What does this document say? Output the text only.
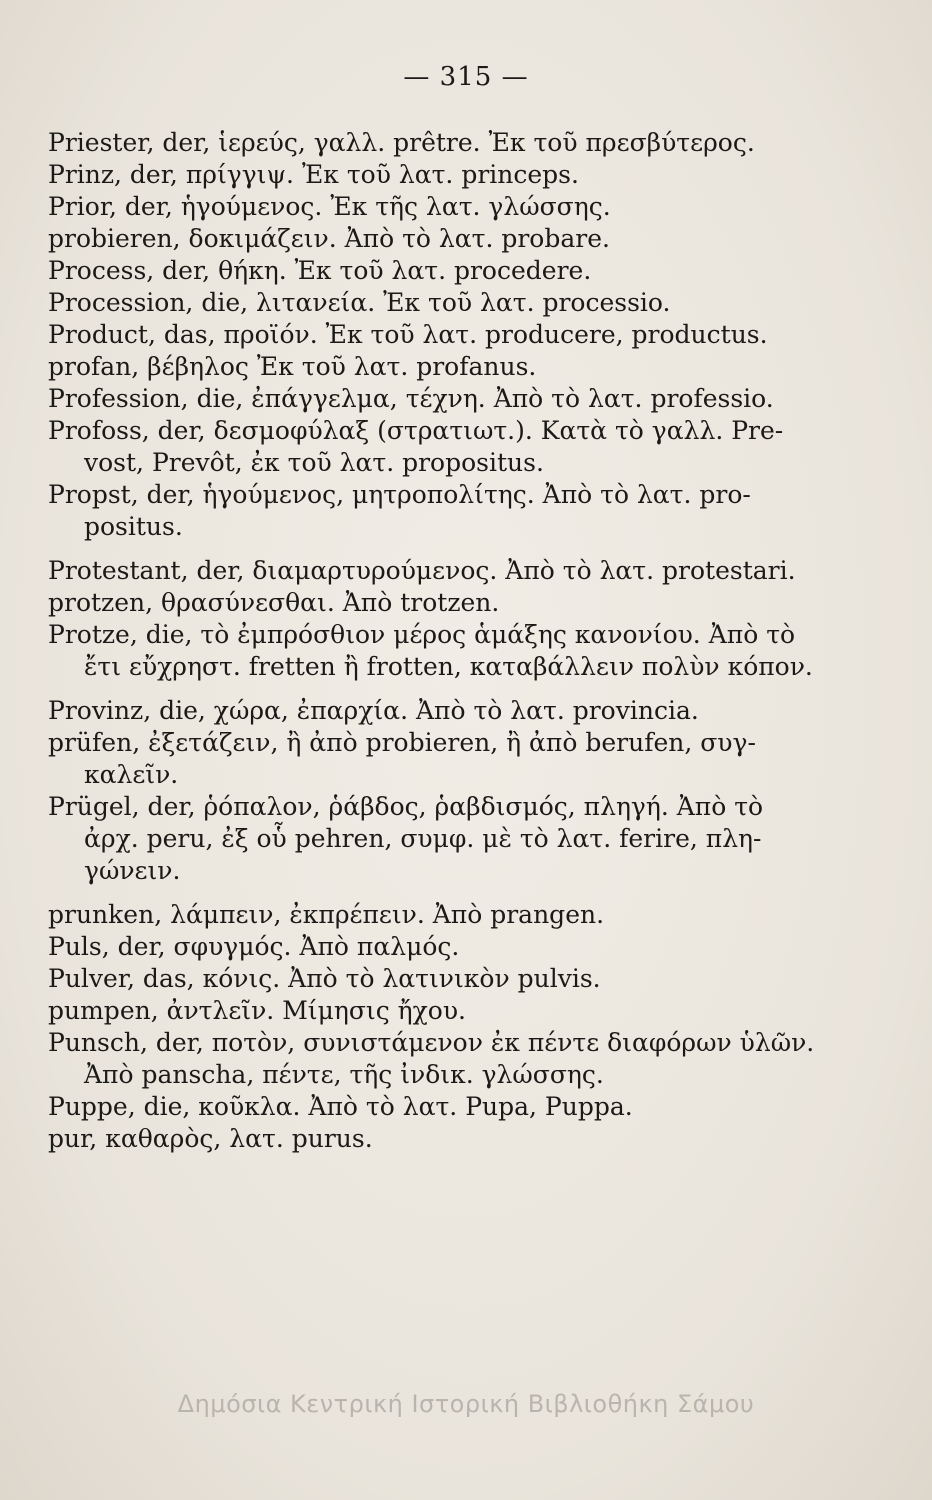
— 315 —
Priester, der, ἱερεύς, γαλλ. prêtre. Ἐκ τοῦ πρεσβύτερος.
Prinz, der, πρίγγιψ. Ἐκ τοῦ λατ. princeps.
Prior, der, ἡγούμενος. Ἐκ τῆς λατ. γλώσσης.
probieren, δοκιμάζειν. Ἀπὸ τὸ λατ. probare.
Process, der, θήκη. Ἐκ τοῦ λατ. procedere.
Procession, die, λιτανεία. Ἐκ τοῦ λατ. processio.
Product, das, προϊόν. Ἐκ τοῦ λατ. producere, productus.
profan, βέβηλος Ἐκ τοῦ λατ. profanus.
Profession, die, ἐπάγγελμα, τέχνη. Ἀπὸ τὸ λατ. professio.
Profoss, der, δεσμοφύλαξ (στρατιωτ.). Κατὰ τὸ γαλλ. Pre-
vost, Prevôt, ἐκ τοῦ λατ. propositus.
Propst, der, ἡγούμενος, μητροπολίτης. Ἀπὸ τὸ λατ. pro-
positus.
Protestant, der, διαμαρτυρούμενος. Ἀπὸ τὸ λατ. protestari.
protzen, θρασύνεσθαι. Ἀπὸ trotzen.
Protze, die, τὸ ἐμπρόσθιον μέρος ἁμάξης κανονίου. Ἀπὸ τὸ
ἔτι εὔχρηστ. fretten ἢ frotten, καταβάλλειν πολὺν κόπον.
Provinz, die, χώρα, ἐπαρχία. Ἀπὸ τὸ λατ. provincia.
prüfen, ἐξετάζειν, ἢ ἀπὸ probieren, ἢ ἀπὸ berufen, συγ-
καλεῖν.
Prügel, der, ῥόπαλον, ῥάβδος, ῥαβδισμός, πληγή. Ἀπὸ τὸ
ἀρχ. peru, ἐξ οὗ pehren, συμφ. μὲ τὸ λατ. ferire, πλη-
γώνειν.
prunken, λάμπειν, ἐκπρέπειν. Ἀπὸ prangen.
Puls, der, σφυγμός. Ἀπὸ παλμός.
Pulver, das, κόνις. Ἀπὸ τὸ λατινικὸν pulvis.
pumpen, ἀντλεῖν. Μίμησις ἤχου.
Punsch, der, ποτὸν, συνιστάμενον ἐκ πέντε διαφόρων ὑλῶν.
Ἀπὸ panscha, πέντε, τῆς ἰνδικ. γλώσσης.
Puppe, die, κοῦκλα. Ἀπὸ τὸ λατ. Pupa, Puppa.
pur, καθαρὸς, λατ. purus.
Δημόσια Κεντρική Ιστορική Βιβλιοθήκη Σάμου
